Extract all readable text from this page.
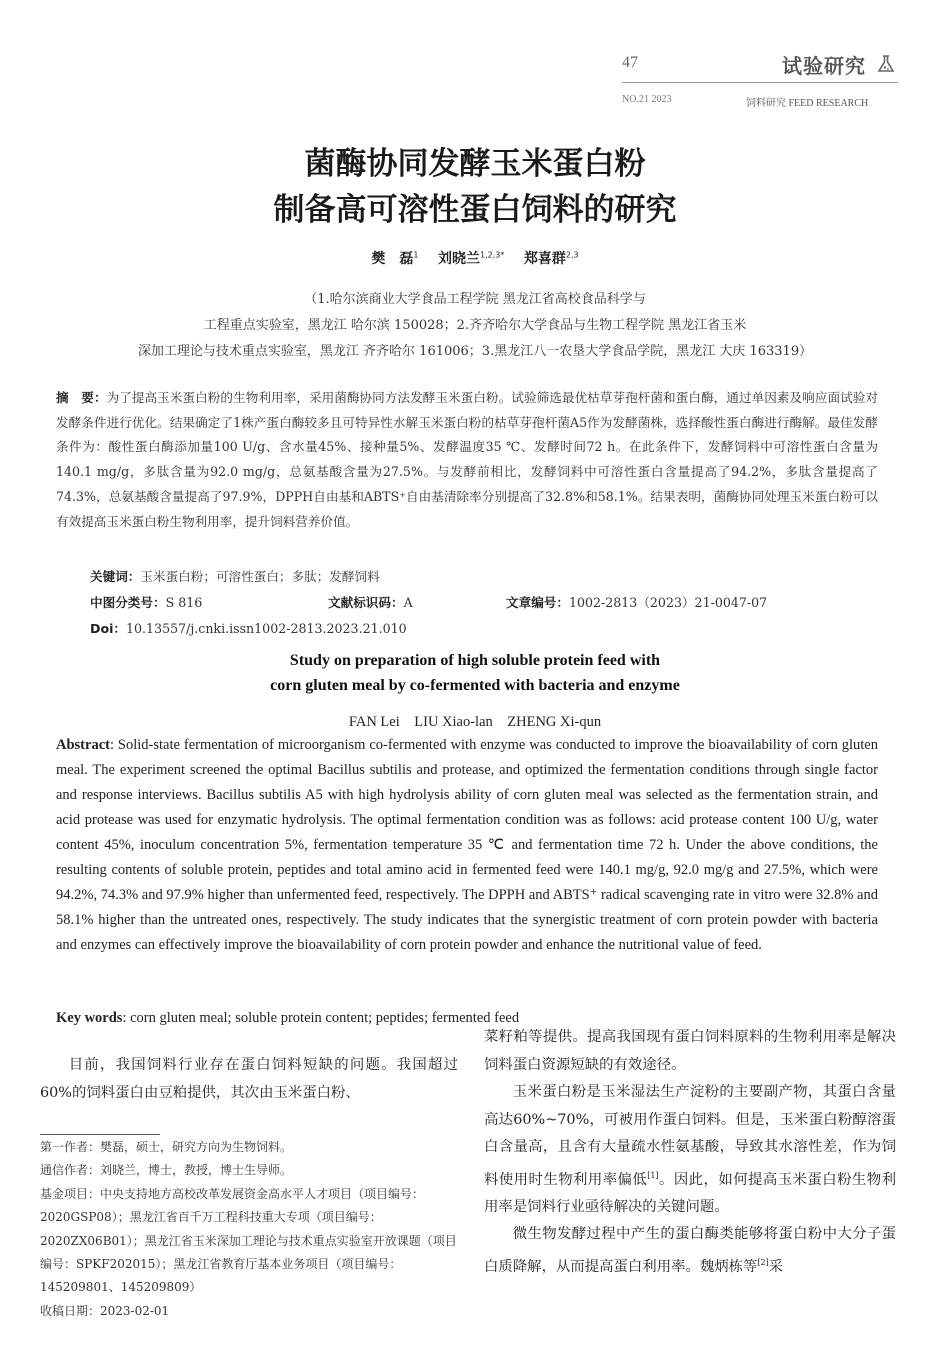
47	试验研究
NO.21 2023	饲料研究 FEED RESEARCH
菌酶协同发酵玉米蛋白粉
制备高可溶性蛋白饲料的研究
樊　磊$^1$ 刘晓兰$^{1,2,3*}$ 郑喜群$^{2,3}$
（1.哈尔滨商业大学食品工程学院 黑龙江省高校食品科学与
工程重点实验室，黑龙江 哈尔滨 150028；2.齐齐哈尔大学食品与生物工程学院 黑龙江省玉米
深加工理论与技术重点实验室，黑龙江 齐齐哈尔 161006；3.黑龙江八一农垦大学食品学院，黑龙江 大庆 163319）
摘　要：为了提高玉米蛋白粉的生物利用率，采用菌酶协同方法发酵玉米蛋白粉。试验筛选最优枯草芽孢杆菌和蛋白酶，通过单因素及响应面试验对发酵条件进行优化。结果确定了1株产蛋白酶较多且可特异性水解玉米蛋白粉的枯草芽孢杆菌A5作为发酵菌株，选择酸性蛋白酶进行酶解。最佳发酵条件为：酸性蛋白酶添加量100 U/g、含水量45%、接种量5%、发酵温度35 ℃、发酵时间72 h。在此条件下，发酵饲料中可溶性蛋白含量为140.1 mg/g，多肽含量为92.0 mg/g，总氨基酸含量为27.5%。与发酵前相比，发酵饲料中可溶性蛋白含量提高了94.2%，多肽含量提高了74.3%，总氨基酸含量提高了97.9%，DPPH自由基和ABTS⁺自由基清除率分别提高了32.8%和58.1%。结果表明，菌酶协同处理玉米蛋白粉可以有效提高玉米蛋白粉生物利用率，提升饲料营养价值。
关键词：玉米蛋白粉；可溶性蛋白；多肽；发酵饲料
中图分类号：S 816	文献标识码：A	文章编号：1002-2813（2023）21-0047-07
Doi：10.13557/j.cnki.issn1002-2813.2023.21.010
Study on preparation of high soluble protein feed with
corn gluten meal by co-fermented with bacteria and enzyme
FAN Lei　LIU Xiao-lan　ZHENG Xi-qun
Abstract: Solid-state fermentation of microorganism co-fermented with enzyme was conducted to improve the bioavailability of corn gluten meal. The experiment screened the optimal Bacillus subtilis and protease, and optimized the fermentation conditions through single factor and response interviews. Bacillus subtilis A5 with high hydrolysis ability of corn gluten meal was selected as the fermentation strain, and acid protease was used for enzymatic hydrolysis. The optimal fermentation condition was as follows: acid protease content 100 U/g, water content 45%, inoculum concentration 5%, fermentation temperature 35 ℃ and fermentation time 72 h. Under the above conditions, the resulting contents of soluble protein, peptides and total amino acid in fermented feed were 140.1 mg/g, 92.0 mg/g and 27.5%, which were 94.2%, 74.3% and 97.9% higher than unfermented feed, respectively. The DPPH and ABTS⁺ radical scavenging rate in vitro were 32.8% and 58.1% higher than the untreated ones, respectively. The study indicates that the synergistic treatment of corn protein powder with bacteria and enzymes can effectively improve the bioavailability of corn protein powder and enhance the nutritional value of feed.
Key words: corn gluten meal; soluble protein content; peptides; fermented feed

目前，我国饲料行业存在蛋白饲料短缺的问题。我国超过60%的饲料蛋白由豆粕提供，其次由玉米蛋白粉、

第一作者：樊磊，硕士，研究方向为生物饲料。

通信作者：刘晓兰，博士，教授，博士生导师。

基金项目：中央支持地方高校改革发展资金高水平人才项目（项目编号：2020GSP08）；黑龙江省百千万工程科技重大专项（项目编号：2020ZX06B01）；黑龙江省玉米深加工理论与技术重点实验室开放课题（项目编号：SPKF202015）；黑龙江省教育厅基本业务项目（项目编号：145209801、145209809）

收稿日期：2023-02-01

菜籽粕等提供。提高我国现有蛋白饲料原料的生物利用率是解决饲料蛋白资源短缺的有效途径。

玉米蛋白粉是玉米湿法生产淀粉的主要副产物，其蛋白含量高达60%~70%，可被用作蛋白饲料。但是，玉米蛋白粉醇溶蛋白含量高，且含有大量疏水性氨基酸，导致其水溶性差，作为饲料使用时生物利用率偏低[1]。因此，如何提高玉米蛋白粉生物利用率是饲料行业亟待解决的关键问题。

微生物发酵过程中产生的蛋白酶类能够将蛋白粉中大分子蛋白质降解，从而提高蛋白利用率。魏炳栋等[2]采
